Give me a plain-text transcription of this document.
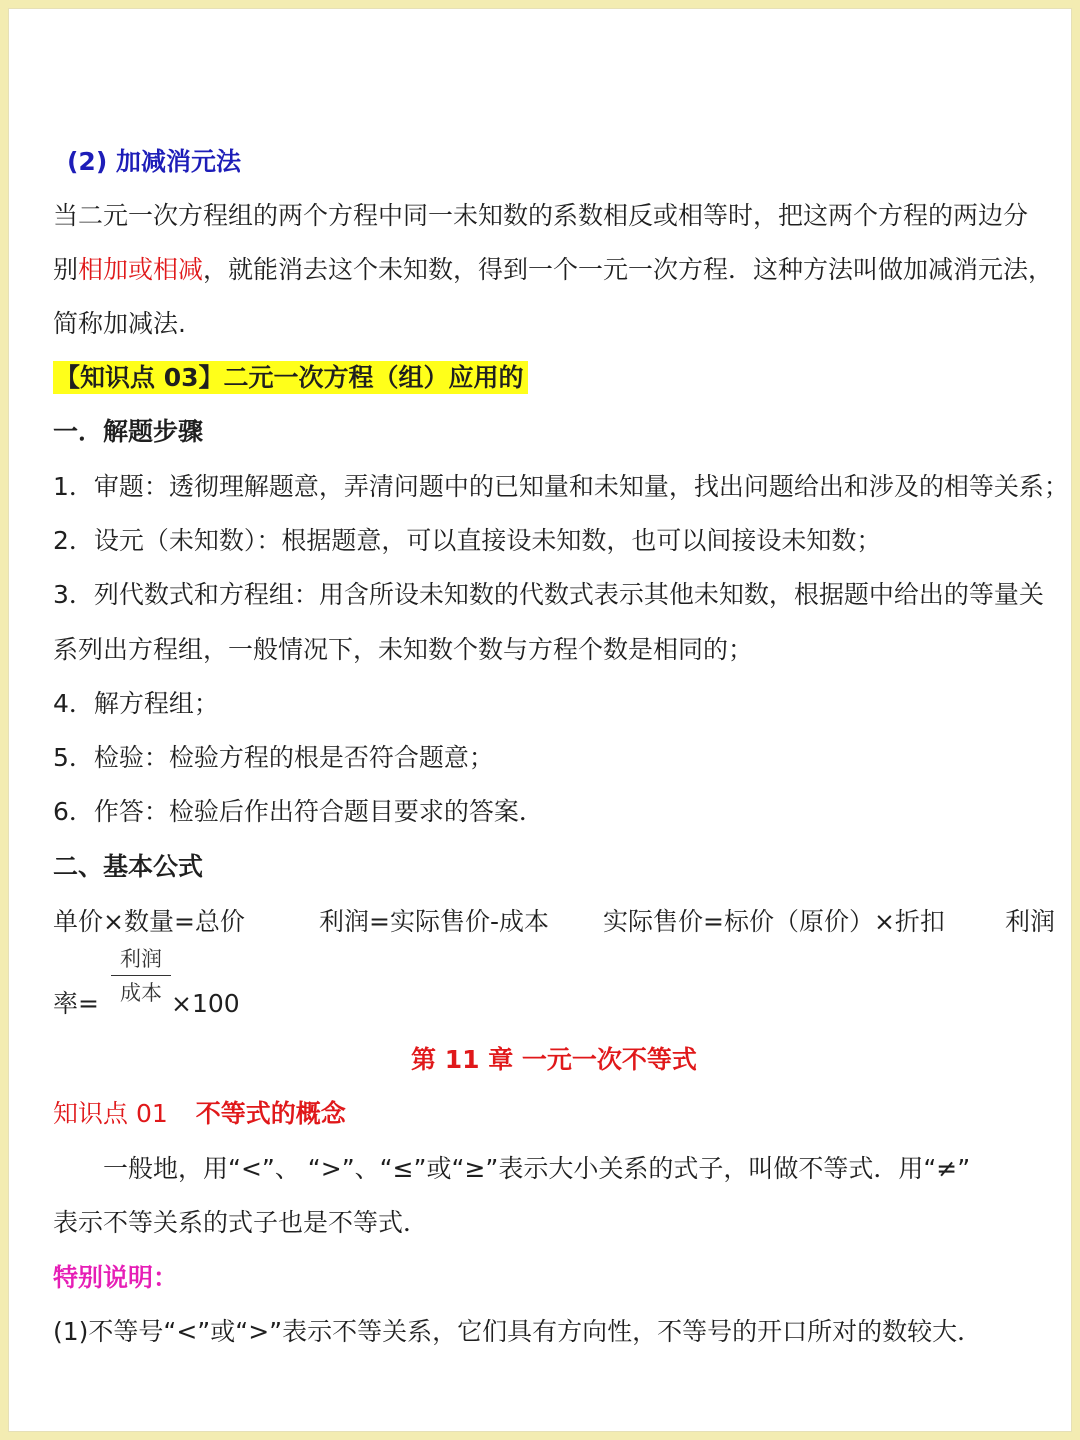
(2) 加减消元法
当二元一次方程组的两个方程中同一未知数的系数相反或相等时，把这两个方程的两边分
别相加或相减，就能消去这个未知数，得到一个一元一次方程．这种方法叫做加减消元法，
简称加减法.
【知识点 03】二元一次方程（组）应用的
一．解题步骤
1．审题：透彻理解题意，弄清问题中的已知量和未知量，找出问题给出和涉及的相等关系；
2．设元（未知数）：根据题意，可以直接设未知数，也可以间接设未知数；
3．列代数式和方程组：用含所设未知数的代数式表示其他未知数，根据题中给出的等量关
系列出方程组，一般情况下，未知数个数与方程个数是相同的；
4．解方程组；
5．检验：检验方程的根是否符合题意；
6．作答：检验后作出符合题目要求的答案．
二、基本公式
单价×数量=总价	利润=实际售价-成本 实际售价=标价（原价）×折扣 利润
率=
利润
成本 ×100
第 11 章 一元一次不等式
知识点 01 不等式的概念
一般地，用“<”、 “>”、“≤”或“≥”表示大小关系的式子，叫做不等式．用“≠”
表示不等关系的式子也是不等式．
特别说明：
(1)不等号“<”或“>”表示不等关系，它们具有方向性，不等号的开口所对的数较大．
